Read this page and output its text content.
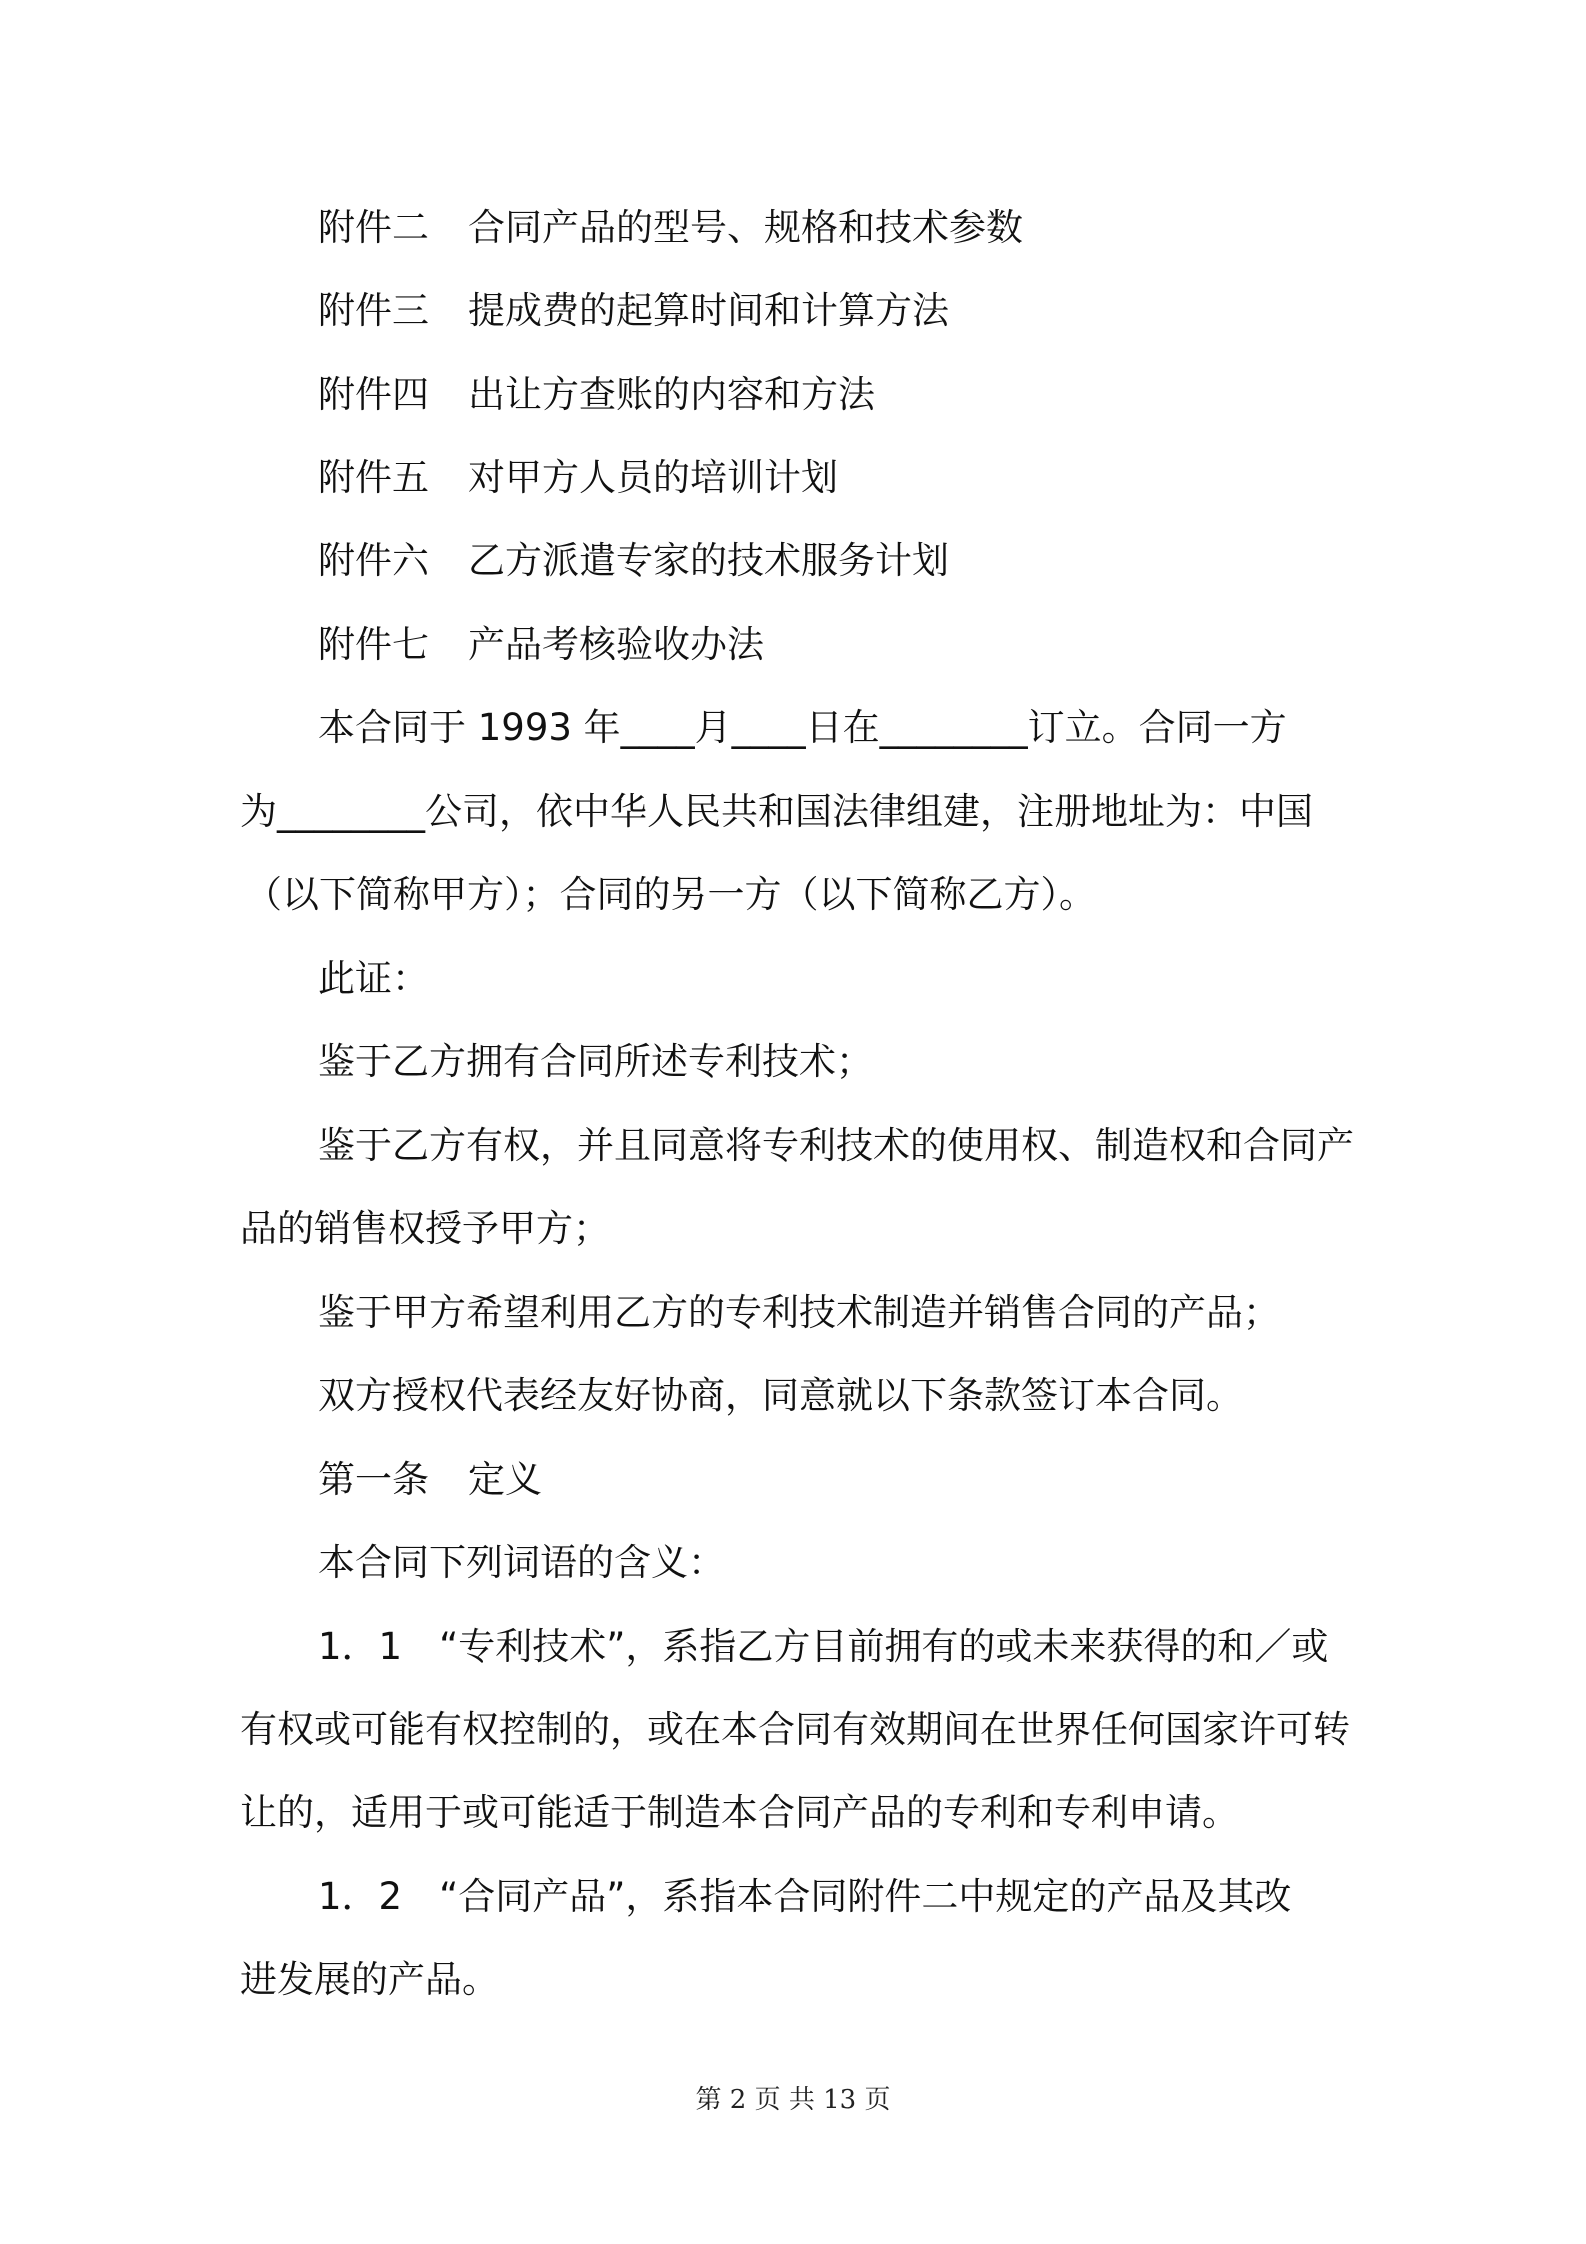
附件二 合同产品的型号、规格和技术参数
附件三 提成费的起算时间和计算方法
附件四 出让方查账的内容和方法
附件五 对甲方人员的培训计划
附件六 乙方派遣专家的技术服务计划
附件七 产品考核验收办法
本合同于 1993 年____月____日在________订立。合同一方
为________公司，依中华人民共和国法律组建，注册地址为：中国
（以下简称甲方）；合同的另一方（以下简称乙方）。
此证：
鉴于乙方拥有合同所述专利技术；
鉴于乙方有权，并且同意将专利技术的使用权、制造权和合同产
品的销售权授予甲方；
鉴于甲方希望利用乙方的专利技术制造并销售合同的产品；
双方授权代表经友好协商，同意就以下条款签订本合同。
第一条 定义
本合同下列词语的含义：
1．1　“专利技术”，系指乙方目前拥有的或未来获得的和／或
有权或可能有权控制的，或在本合同有效期间在世界任何国家许可转
让的，适用于或可能适于制造本合同产品的专利和专利申请。
1．2　“合同产品”，系指本合同附件二中规定的产品及其改
进发展的产品。
第 2 页 共 13 页
